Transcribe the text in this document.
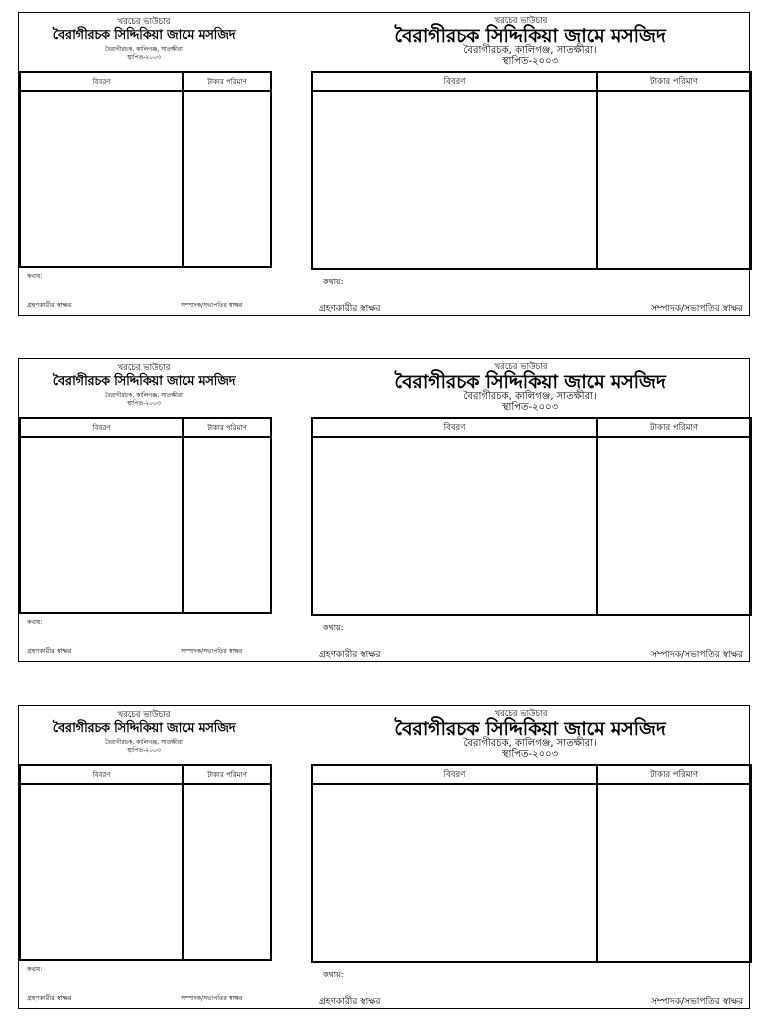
খরচের ভাউচার
বৈরাগীরচক সিদ্দিকিয়া জামে মসজিদ
বৈরাগীরচক, কালিগঞ্জ, সাতক্ষীরা
স্থাপিত-২০০৩
বিবরণ	টাকার পরিমাণ

কথায়:
গ্রহণকারীর স্বাক্ষর	সম্পাদক/সভাপতির স্বাক্ষর
খরচের ভাউচার
বৈরাগীরচক সিদ্দিকিয়া জামে মসজিদ
বৈরাগীরচক, কালিগঞ্জ, সাতক্ষীরা।
স্থাপিত-২০০৩
বিবরণ	টাকার পরিমাণ

কথায়:
গ্রহণকারীর স্বাক্ষর	সম্পাদক/সভাপতির স্বাক্ষর
খরচের ভাউচার
বৈরাগীরচক সিদ্দিকিয়া জামে মসজিদ
বৈরাগীরচক, কালিগঞ্জ, সাতক্ষীরা
স্থাপিত-২০০৩
বিবরণ	টাকার পরিমাণ

কথায়:
গ্রহণকারীর স্বাক্ষর	সম্পাদক/সভাপতির স্বাক্ষর
খরচের ভাউচার
বৈরাগীরচক সিদ্দিকিয়া জামে মসজিদ
বৈরাগীরচক, কালিগঞ্জ, সাতক্ষীরা।
স্থাপিত-২০০৩
বিবরণ	টাকার পরিমাণ

কথায়:
গ্রহণকারীর স্বাক্ষর	সম্পাদক/সভাপতির স্বাক্ষর
খরচের ভাউচার
বৈরাগীরচক সিদ্দিকিয়া জামে মসজিদ
বৈরাগীরচক, কালিগঞ্জ, সাতক্ষীরা
স্থাপিত-২০০৩
বিবরণ	টাকার পরিমাণ

কথায়:
গ্রহণকারীর স্বাক্ষর	সম্পাদক/সভাপতির স্বাক্ষর
খরচের ভাউচার
বৈরাগীরচক সিদ্দিকিয়া জামে মসজিদ
বৈরাগীরচক, কালিগঞ্জ, সাতক্ষীরা।
স্থাপিত-২০০৩
বিবরণ	টাকার পরিমাণ

কথায়:
গ্রহণকারীর স্বাক্ষর	সম্পাদক/সভাপতির স্বাক্ষর
